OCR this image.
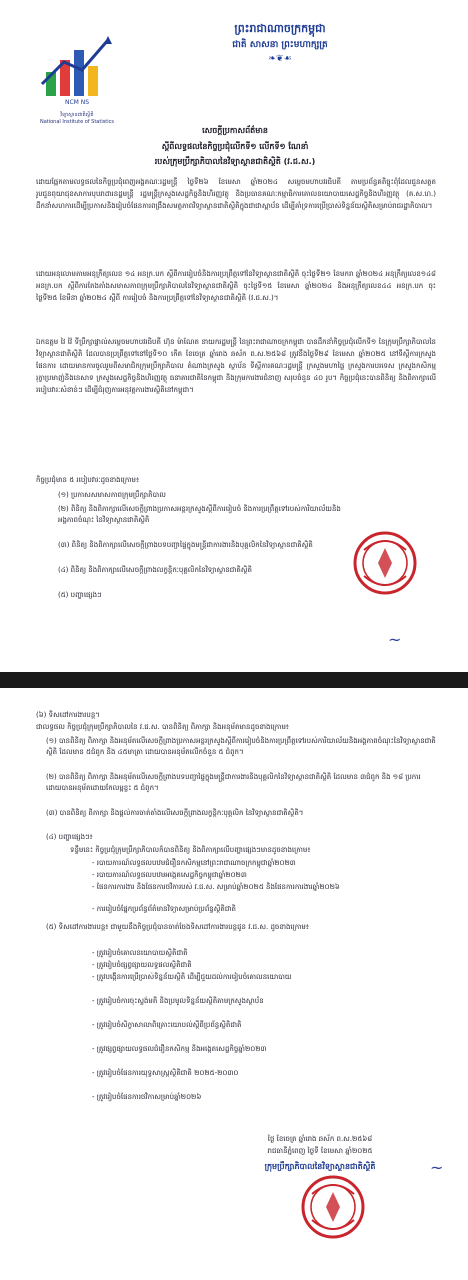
NCM NS
វិទ្យាស្ថានជាតិស្ថិតិ
National Institute of Statistics
ព្រះរាជាណាចក្រកម្ពុជា
ជាតិ សាសនា ព្រះមហាក្សត្រ
❧❦☙
សេចក្ដីប្រកាសព័ត៌មាន
ស្ដីពីលទ្ធផលនៃកិច្ចប្រជុំលើកទី១ លើកទី១ ណែនាំ
របស់ក្រុមប្រឹក្សាភិបាលនៃវិទ្យាស្ថានជាតិស្ថិតិ (វ.ជ.ស.)
ដោយផ្អែកតាមលទ្ធផលនៃកិច្ចប្រជុំពេញអង្គគណៈរដ្ឋមន្ត្រី ថ្ងៃទី២៦ ខែមេសា ឆ្នាំ២០២៤ សម្ដេចមហាបវរធិបតី តាមប្រព័ន្ធគតិច្ចុះពុំដែលជួនសត្ថតរូបជួនពុយាជុខសាការបុបរាដារនដ្ឋមន្ត្រី រដ្ឋមន្ត្រីក្រសួងសេដ្ឋកិច្ចនិងហិរញ្ញវត្ថុ និងប្រធានគណៈកម្មាធិការគោលនយោបាយសេដ្ឋកិច្ចនិងហិរញ្ញវត្ថុ (គ.ស.ហ.) ដឹកនាំសហការដើម្បីប្រកាសនិងរៀបចំផែនការពង្រឹងសមត្ថភាពវិទ្យាស្ថានជាតិស្ថិតិក្នុងជាជាស្ពាប័ន ដើម្បីគាំទ្រការប្រើប្រាស់ទិន្នន័យស្ថិតិសម្រាប់រាជរដ្ឋាភិបាល។
ដោយអនុលោមតាមអនុក្រឹត្យលេខ ១៤ អនក្រ.បក ស្ដីពីការរៀបចំនិងការប្រព្រឹត្តទៅនៃវិទ្យាស្ថានជាតិស្ថិតិ ចុះថ្ងៃទី២១ ខែមករា ឆ្នាំ២០២៤ អនុក្រឹត្យលេខ១៤៨ អនក្រ.បក ស្ដីពីការតែងតាំងសមាសភាពក្រុមប្រឹក្សាភិបាលនៃវិទ្យាស្ថានជាតិស្ថិតិ ចុះថ្ងៃទី១៥ ខែមេសា ឆ្នាំ២០២៤ និងអនុក្រឹត្យលេខ៤៤ អនក្រ.បក ចុះថ្ងៃទី២៥ ខែមីនា ឆ្នាំ២០២៤ ស្ដីពី ការរៀបចំ និងការប្រព្រឹត្តទៅនៃវិទ្យាស្ថានជាតិស្ថិតិ (វ.ជ.ស.)។
ឯកឧត្តម វៃ វ៉ៃ ទីប្រឹក្សាផ្ទាល់សម្ដេចមហាបវរធិបតី ហ៊ុន ម៉ាណែត នាយករដ្ឋមន្ត្រី នៃព្រះរាជាណាចក្រកម្ពុជា បានដឹកនាំកិច្ចប្រជុំលើកទី១ នៃក្រុមប្រឹក្សាភិបាលនៃវិទ្យាស្ថានជាតិស្ថិតិ ដែលបានប្រព្រឹត្តទៅនៅថ្ងៃទី១០ កើត ខែចេត្រ ឆ្នាំរោង ឆស័ក ព.ស.២៥៦៨ ត្រូវនឹងថ្ងៃទី២៩ ខែមេសា ឆ្នាំ២០២៥ នៅទីស្ដីការក្រសួងផែនការ ដោយមានការចូលរួមពីសមាជិកក្រុមប្រឹក្សាភិបាល តំណាងក្រសួង ស្ថាប័ន ទីស្ដីការគណៈរដ្ឋមន្ត្រី ក្រសួងមហាផ្ទៃ ក្រសួងការបរទេស ក្រសួងកសិកម្ម រុក្ខាប្រមាញ់និងនេសាទ ក្រសួងសេដ្ឋកិច្ចនិងហិរញ្ញវត្ថុ ធនាគារជាតិនៃកម្ពុជា និងក្រុមការងារជំនាញ សរុបចំនួន ៤០ រូប។ កិច្ចប្រជុំនេះបានពិនិត្យ និងពិភាក្សាលើរបៀបវារៈសំខាន់ៗ ដើម្បីជំរុញការអនុវត្តការងារស្ថិតិនៅកម្ពុជា។
កិច្ចប្រជុំមាន ៥ របៀបវារៈដូចខាងក្រោម៖
(១) ប្រកាសសមាសភាពក្រុមប្រឹក្សាភិបាល
(២) ពិនិត្យ និងពិភាក្សាលើសេចក្ដីព្រាងប្រកាសអន្តរក្រសួងស្ដីពីការរៀបចំ និងការប្រព្រឹត្តទៅរបស់ការិយាល័យនិងអង្គភាពចំណុះ នៃវិទ្យាស្ថានជាតិស្ថិតិ
(៣) ពិនិត្យ និងពិភាក្សាលើសេចក្ដីព្រាងបទបញ្ជាផ្ទៃក្នុងមន្ត្រីជាការងារនិងបុគ្គលិកនៃវិទ្យាស្ថានជាតិស្ថិតិ
(៤) ពិនិត្យ និងពិភាក្សាលើសេចក្ដីព្រាងលក្ខន្តិកៈបុគ្គលិកនៃវិទ្យាស្ថានជាតិស្ថិតិ
(៥) បញ្ហាផ្សេងៗ
~
(៦) ទិសដៅការងារបន្ត។
ជាលទ្ធផល កិច្ចប្រជុំក្រុមប្រឹក្សាភិបាលនៃ វ.ជ.ស. បានពិនិត្យ ពិភាក្សា និងអនុម័តមានដូចខាងក្រោម៖
(១) បានពិនិត្យ ពិភាក្សា និងអនុម័តលើសេចក្ដីព្រាងប្រកាសអន្តរក្រសួងស្ដីពីការរៀបចំនិងការប្រព្រឹត្តទៅរបស់ការិយាល័យនិងអង្គភាពចំណុះនៃវិទ្យាស្ថានជាតិស្ថិតិ ដែលមាន ៥ជំពូក និង ៤៥មាត្រា ដោយបានអនុម័តលើកចំនួន ៥ ជំពូក។
(២) បានពិនិត្យ ពិភាក្សា និងអនុម័តលើសេចក្ដីព្រាងបទបញ្ជាផ្ទៃក្នុងមន្ត្រីជាការងារនិងបុគ្គលិកនៃវិទ្យាស្ថានជាតិស្ថិតិ ដែលមាន ៣ជំពូក និង ១៨ ប្រការ ដោយបានអនុម័តដោយកែលម្អខ្លះ ៥ ជំពូក។
(៣) បានពិនិត្យ ពិភាក្សា និងផ្ដល់ការចាត់តាំងលើសេចក្ដីព្រាងលក្ខន្តិកៈបុគ្គលិក នៃវិទ្យាស្ថានជាតិស្ថិតិ។
(៤) បញ្ហាផ្សេងៗ៖
ទន្ទឹមនេះ កិច្ចប្រជុំក្រុមប្រឹក្សាភិបាលក៏បានពិនិត្យ និងពិភាក្សាលើបញ្ហាផ្សេងៗមានដូចខាងក្រោម៖
- របាយការណ៍លទ្ធផលបឋមជំរឿនកសិកម្មនៅព្រះរាជាណាចក្រកម្ពុជាឆ្នាំ២០២៣
- របាយការណ៍លទ្ធផលបឋមអង្កេតសេដ្ឋកិច្ចកម្ពុជាឆ្នាំ២០២៣
- ផែនការការងារ និងផែនការថវិការបស់ វ.ជ.ស. សម្រាប់ឆ្នាំ២០២៥ និងផែនការការងារឆ្នាំ២០២៦
- ការរៀបចំផ្នែកប្រព័ន្ធព័ត៌មានវិទ្យាសម្រាប់ប្រព័ន្ធស្ថិតិជាតិ
(៥) ទិសដៅការងារបន្ត៖ ជាមួយនឹងកិច្ចប្រជុំបានចាត់ចែងទិសដៅការងារបន្តជូន វ.ជ.ស. ដូចខាងក្រោម៖
- ត្រូវរៀបចំគោលនយោបាយស្ថិតិជាតិ
- ត្រូវរៀបចំផ្សព្វផ្សាយលទ្ធផលស្ថិតិជាតិ
- ត្រូវបង្កើនការប្រើប្រាស់ទិន្នន័យស្ថិតិ ដើម្បីជួយដល់ការរៀបចំគោលនយោបាយ
- ត្រូវរៀបចំការចុះស្ទង់មតិ និងប្រមូលទិន្នន័យស្ថិតិតាមក្រសួងស្ថាប័ន
- ត្រូវរៀបចំសិក្ខាសាលាពិគ្រោះយោបល់ស្ដីពីប្រព័ន្ធស្ថិតិជាតិ
- ត្រូវផ្សព្វផ្សាយលទ្ធផលជំរឿនកសិកម្ម និងអង្កេតសេដ្ឋកិច្ចឆ្នាំ២០២៣
- ត្រូវរៀបចំផែនការយុទ្ធសាស្ត្រស្ថិតិជាតិ ២០២៥-២០៣០
- ត្រូវរៀបចំផែនការថវិកាសម្រាប់ឆ្នាំ២០២៦
ថ្ងៃ ខែចេត្រ ឆ្នាំរោង ឆស័ក ព.ស.២៥៦៨
រាជធានីភ្នំពេញ ថ្ងៃទី ខែមេសា ឆ្នាំ២០២៥
ក្រុមប្រឹក្សាភិបាលនៃវិទ្យាស្ថានជាតិស្ថិតិ	~
